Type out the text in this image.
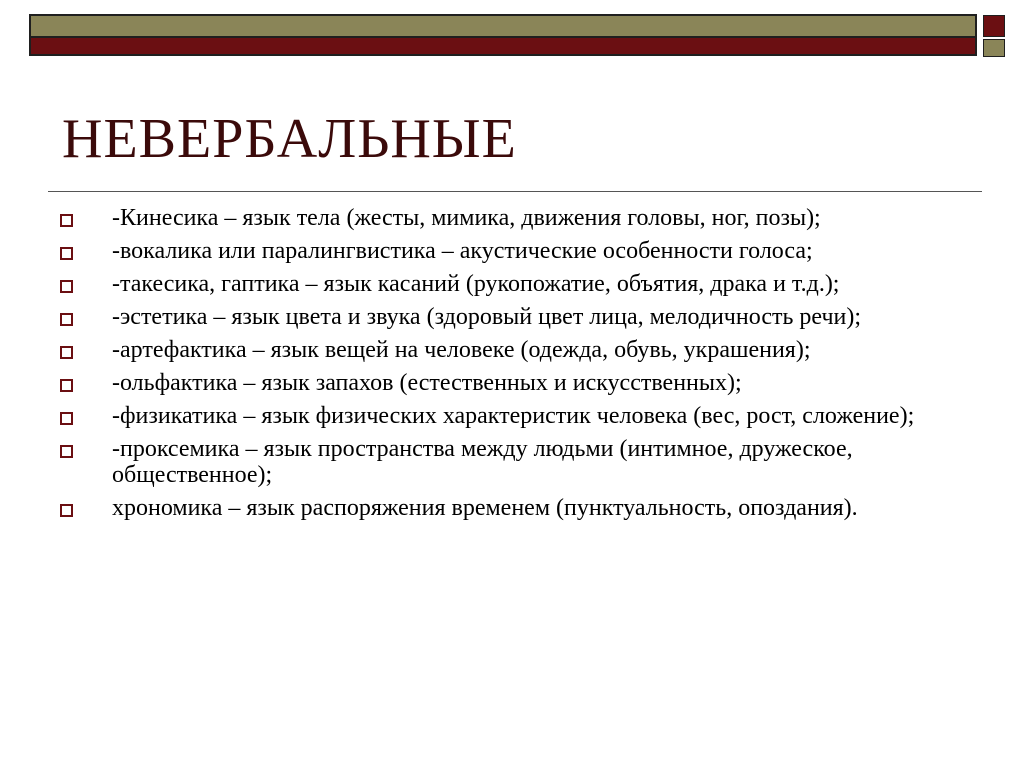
НЕВЕРБАЛЬНЫЕ
-Кинесика – язык тела (жесты, мимика, движения головы, ног, позы);
-вокалика или паралингвистика – акустические особенности голоса;
-такесика, гаптика – язык касаний (рукопожатие, объятия, драка и т.д.);
-эстетика – язык цвета и звука (здоровый цвет лица, мелодичность речи);
-артефактика – язык вещей на человеке (одежда, обувь, украшения);
-ольфактика – язык запахов (естественных и искусственных);
-физикатика – язык физических характеристик человека (вес, рост, сложение);
-проксемика – язык пространства между людьми (интимное, дружеское, общественное);
хрономика – язык распоряжения временем (пунктуальность, опоздания).
